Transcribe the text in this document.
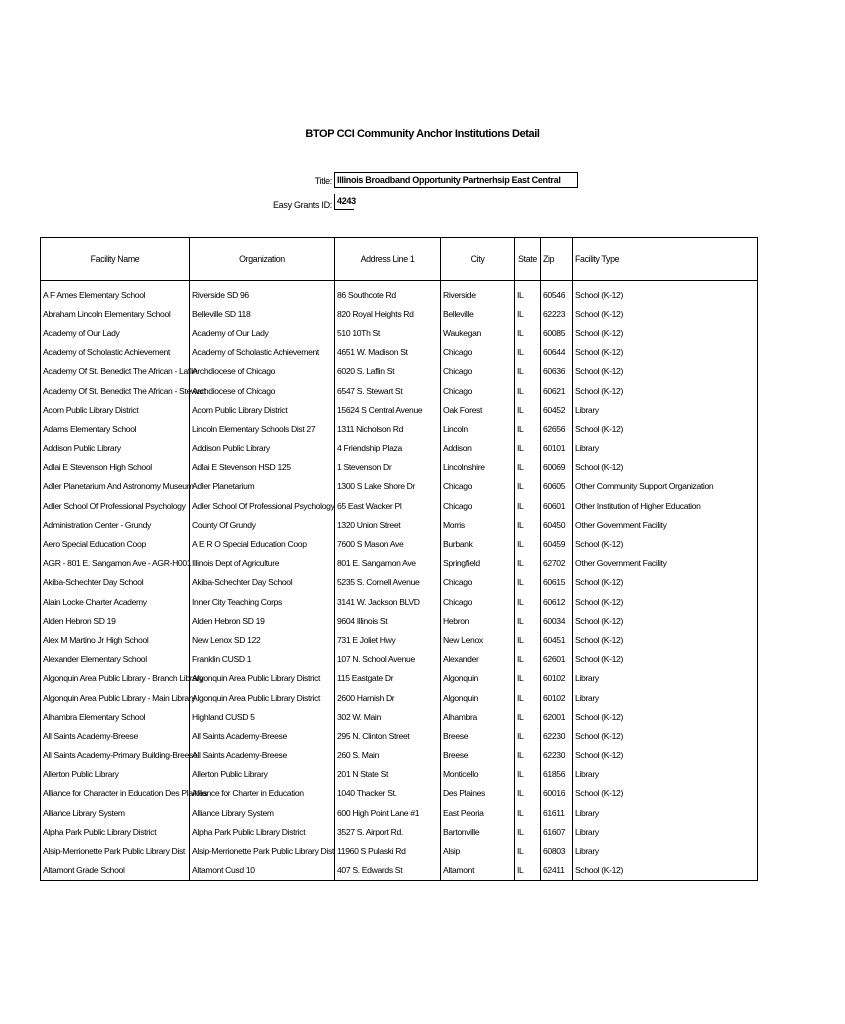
BTOP CCI Community Anchor Institutions Detail
Title: Illinois Broadband Opportunity Partnerhsip East Central
Easy Grants ID: 4243
Facility Name	Organization	Address Line 1	City	State	Zip	Facility Type
A F Ames Elementary School	Riverside SD 96	86 Southcote Rd	Riverside	IL	60546	School (K-12)
Abraham Lincoln Elementary School	Belleville SD 118	820 Royal Heights Rd	Belleville	IL	62223	School (K-12)
Academy of Our Lady	Academy of Our Lady	510 10Th St	Waukegan	IL	60085	School (K-12)
Academy of Scholastic Achievement	Academy of Scholastic Achievement	4651 W. Madison St	Chicago	IL	60644	School (K-12)
Academy Of St. Benedict The African - Laflin	Archdiocese of Chicago	6020 S. Laflin St	Chicago	IL	60636	School (K-12)
Academy Of St. Benedict The African - Stewart	Archdiocese of Chicago	6547 S. Stewart St	Chicago	IL	60621	School (K-12)
Acorn Public Library District	Acorn Public Library District	15624 S Central Avenue	Oak Forest	IL	60452	Library
Adams Elementary School	Lincoln Elementary Schools Dist 27	1311 Nicholson Rd	Lincoln	IL	62656	School (K-12)
Addison Public Library	Addison Public Library	4 Friendship Plaza	Addison	IL	60101	Library
Adlai E Stevenson High School	Adlai E Stevenson HSD 125	1 Stevenson Dr	Lincolnshire	IL	60069	School (K-12)
Adler Planetarium And Astronomy Museum	Adler Planetarium	1300 S Lake Shore Dr	Chicago	IL	60605	Other Community Support Organization
Adler School Of Professional Psychology	Adler School Of Professional Psychology	65 East Wacker Pl	Chicago	IL	60601	Other Institution of Higher Education
Administration Center - Grundy	County Of Grundy	1320 Union Street	Morris	IL	60450	Other Government Facility
Aero Special Education Coop	A E R O Special Education Coop	7600 S Mason Ave	Burbank	IL	60459	School (K-12)
AGR - 801 E. Sangamon Ave - AGR-H001	Illinois Dept of Agriculture	801 E. Sangamon Ave	Springfield	IL	62702	Other Government Facility
Akiba-Schechter Day School	Akiba-Schechter Day School	5235 S. Cornell Avenue	Chicago	IL	60615	School (K-12)
Alain Locke Charter Academy	Inner City Teaching Corps	3141 W. Jackson BLVD	Chicago	IL	60612	School (K-12)
Alden Hebron SD 19	Alden Hebron SD 19	9604 Illinois St	Hebron	IL	60034	School (K-12)
Alex M Martino Jr High School	New Lenox SD 122	731 E Joliet Hwy	New Lenox	IL	60451	School (K-12)
Alexander Elementary School	Franklin CUSD 1	107 N. School Avenue	Alexander	IL	62601	School (K-12)
Algonquin Area Public Library - Branch Library	Algonquin Area Public Library District	115 Eastgate Dr	Algonquin	IL	60102	Library
Algonquin Area Public Library - Main Library	Algonquin Area Public Library District	2600 Harnish Dr	Algonquin	IL	60102	Library
Alhambra Elementary School	Highland CUSD 5	302 W. Main	Alhambra	IL	62001	School (K-12)
All Saints Academy-Breese	All Saints Academy-Breese	295 N. Clinton Street	Breese	IL	62230	School (K-12)
All Saints Academy-Primary Building-Breese	All Saints Academy-Breese	260 S. Main	Breese	IL	62230	School (K-12)
Allerton Public Library	Allerton Public Library	201 N State St	Monticello	IL	61856	Library
Alliance for Character in Education Des Plaines	Alliance for Charter in Education	1040 Thacker St.	Des Plaines	IL	60016	School (K-12)
Alliance Library System	Alliance Library System	600 High Point Lane #1	East Peoria	IL	61611	Library
Alpha Park Public Library District	Alpha Park Public Library District	3527 S. Airport Rd.	Bartonville	IL	61607	Library
Alsip-Merrionette Park Public Library Dist	Alsip-Merrionette Park Public Library Dist	11960 S Pulaski Rd	Alsip	IL	60803	Library
Altamont Grade School	Altamont Cusd 10	407 S. Edwards St	Altamont	IL	62411	School (K-12)
